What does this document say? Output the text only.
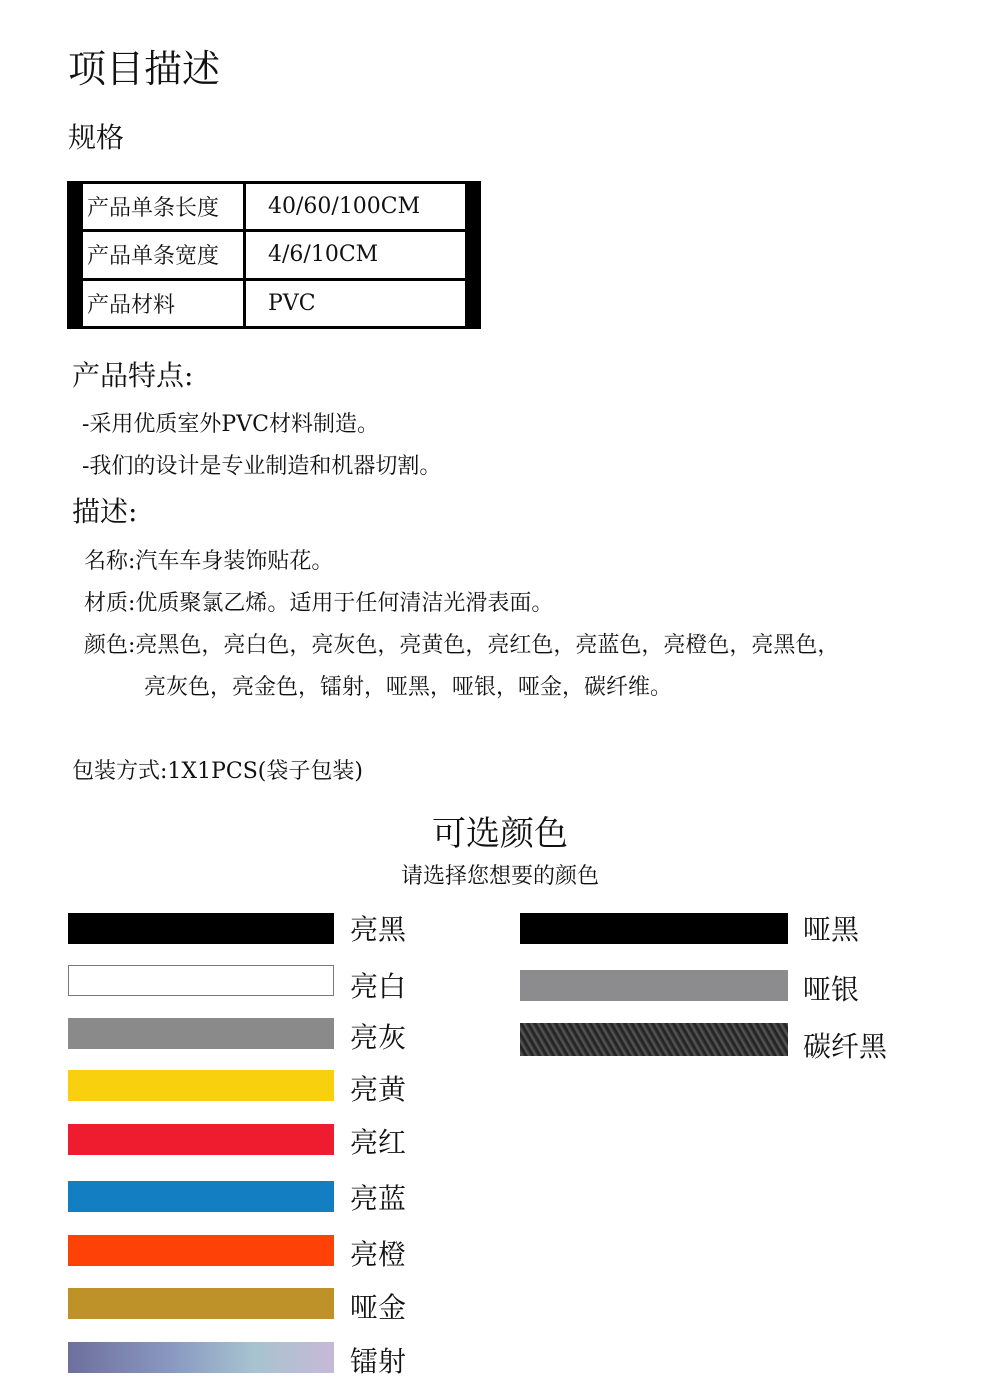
项目描述
规格
产品单条长度	40/60/100CM
产品单条宽度	4/6/10CM
产品材料	PVC
产品特点:
-采用优质室外PVC材料制造。
-我们的设计是专业制造和机器切割。
描述:
名称:汽车车身装饰贴花。
材质:优质聚氯乙烯。适用于任何清洁光滑表面。
颜色:亮黑色，亮白色，亮灰色，亮黄色，亮红色，亮蓝色，亮橙色，亮黑色，
亮灰色，亮金色，镭射，哑黑，哑银，哑金，碳纤维。
包装方式:1X1PCS(袋子包装)
可选颜色
请选择您想要的颜色
亮黑
亮白
亮灰
亮黄
亮红
亮蓝
亮橙
哑金
镭射
哑黑
哑银
碳纤黑
